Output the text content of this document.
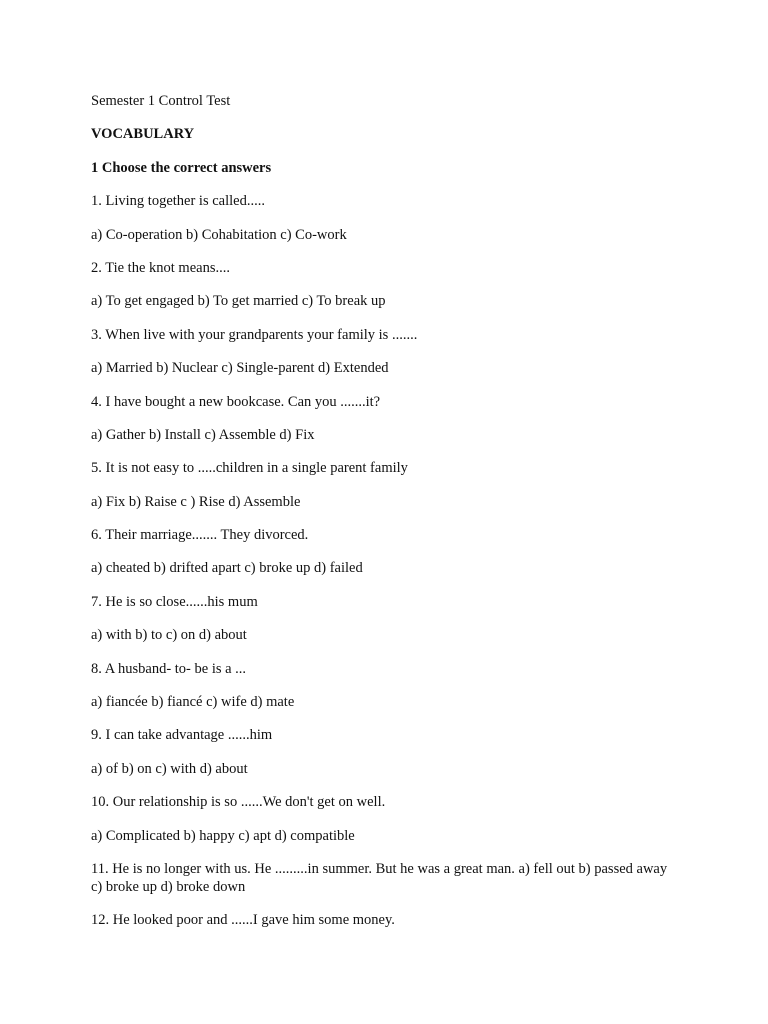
Semester 1 Control Test

VOCABULARY

1 Choose the correct answers

1. Living together is called.....

a) Co-operation b) Cohabitation c) Co-work

2. Tie the knot means....

a) To get engaged b) To get married c) To break up

3. When live with your grandparents your family is .......

a) Married b) Nuclear c) Single-parent d) Extended

4. I have bought a new bookcase. Can you .......it?

a) Gather b) Install c) Assemble d) Fix

5. It is not easy to .....children in a single parent family

a) Fix b) Raise c ) Rise d) Assemble

6. Their marriage....... They divorced.

a) cheated b) drifted apart c) broke up d) failed

7. He is so close......his mum

a) with b) to c) on d) about

8. A husband- to- be is a ...

a) fiancée b) fiancé c) wife d) mate

9. I can take advantage ......him

a) of b) on c) with d) about

10. Our relationship is so ......We don't get on well.

a) Complicated b) happy c) apt d) compatible

11. He is no longer with us. He .........in summer. But he was a great man. a) fell out b) passed away c) broke up d) broke down

12. He looked poor and ......I gave him some money.
